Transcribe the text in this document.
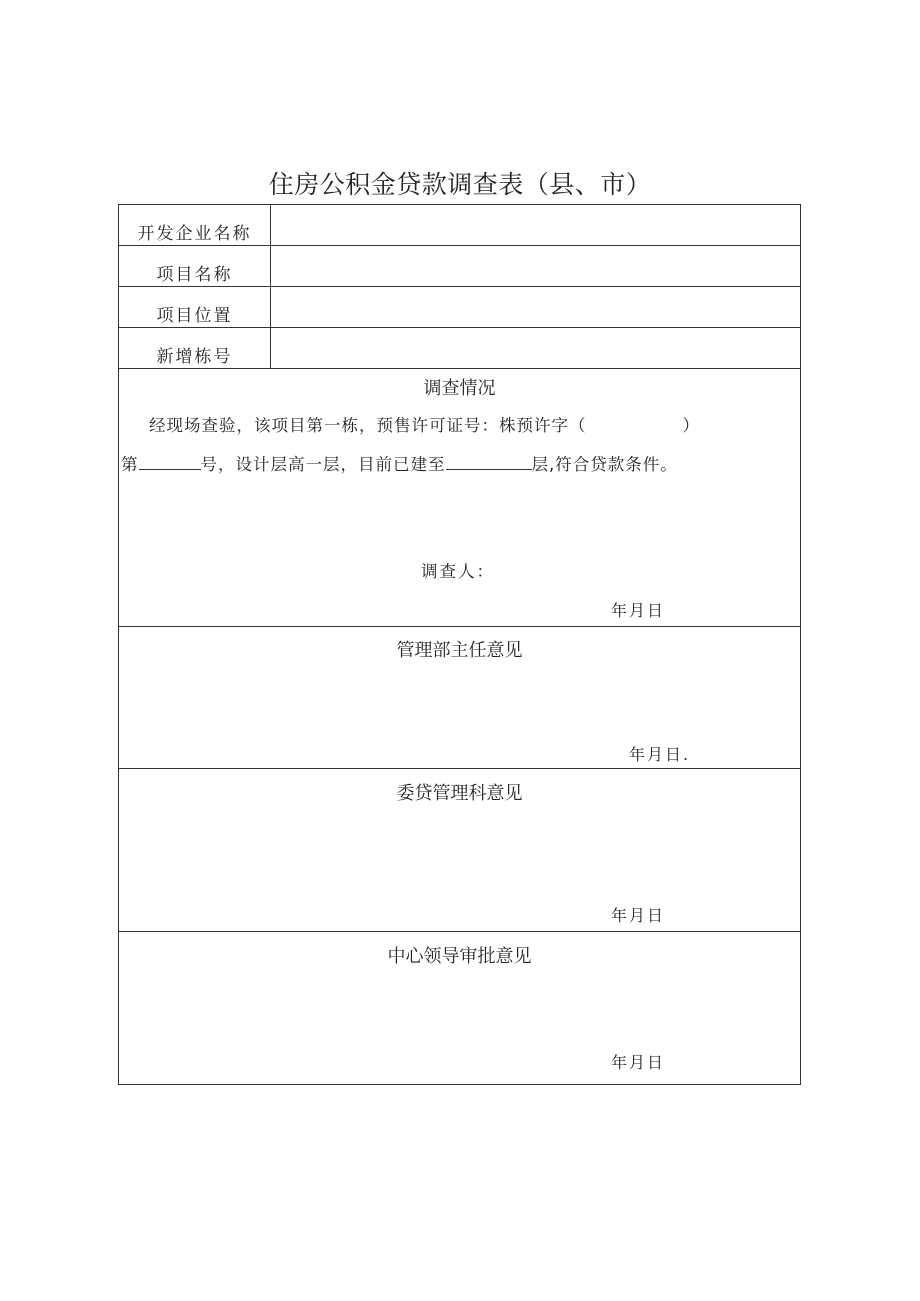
住房公积金贷款调查表（县、市）
开发企业名称
项目名称
项目位置
新增栋号
调查情况
经现场查验，该项目第一栋，预售许可证号：株预许字（	）
第	号，设计层高一层，目前已建至	层,符合贷款条件。
调查人：
年月日
管理部主任意见
年月日.
委贷管理科意见
年月日
中心领导审批意见
年月日
